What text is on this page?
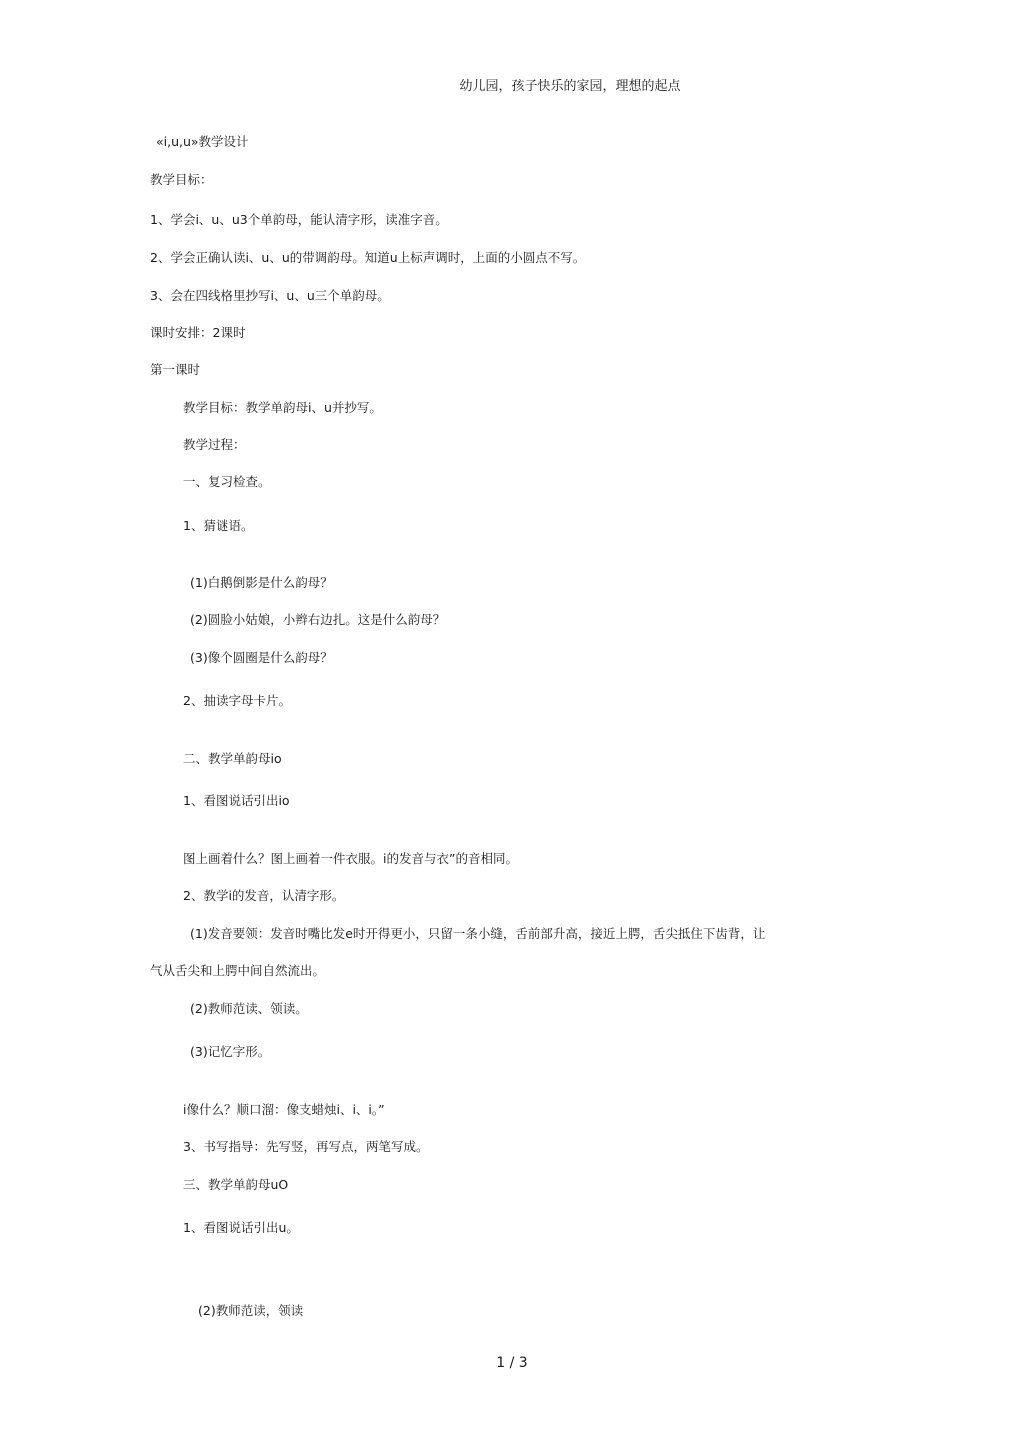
幼儿园，孩子快乐的家园，理想的起点
«i,u,u»教学设计
教学目标：
1、学会i、u、u3个单韵母，能认清字形，读准字音。
2、学会正确认读i、u、u的带调韵母。知道u上标声调时，上面的小圆点不写。
3、会在四线格里抄写i、u、u三个单韵母。
课时安排：2课时
第一课时
教学目标：教学单韵母i、u并抄写。
教学过程：
一、复习检查。
1、猜谜语。
(1)白鹅倒影是什么韵母？
(2)圆脸小姑娘，小辫右边扎。这是什么韵母？
(3)像个圆圈是什么韵母？
2、抽读字母卡片。
二、教学单韵母io
1、看图说话引出io
图上画着什么？图上画着一件衣服。i的发音与衣”的音相同。
2、教学i的发音，认清字形。
(1)发音要领：发音时嘴比发e时开得更小，只留一条小缝，舌前部升高，接近上腭，舌尖抵住下齿背，让
气从舌尖和上腭中间自然流出。
(2)教师范读、领读。
(3)记忆字形。
i像什么？顺口溜：像支蜡烛i、i、i。”
3、书写指导：先写竖，再写点，两笔写成。
三、教学单韵母uO
1、看图说话引出u。
(2)教师范读，领读
1 / 3
